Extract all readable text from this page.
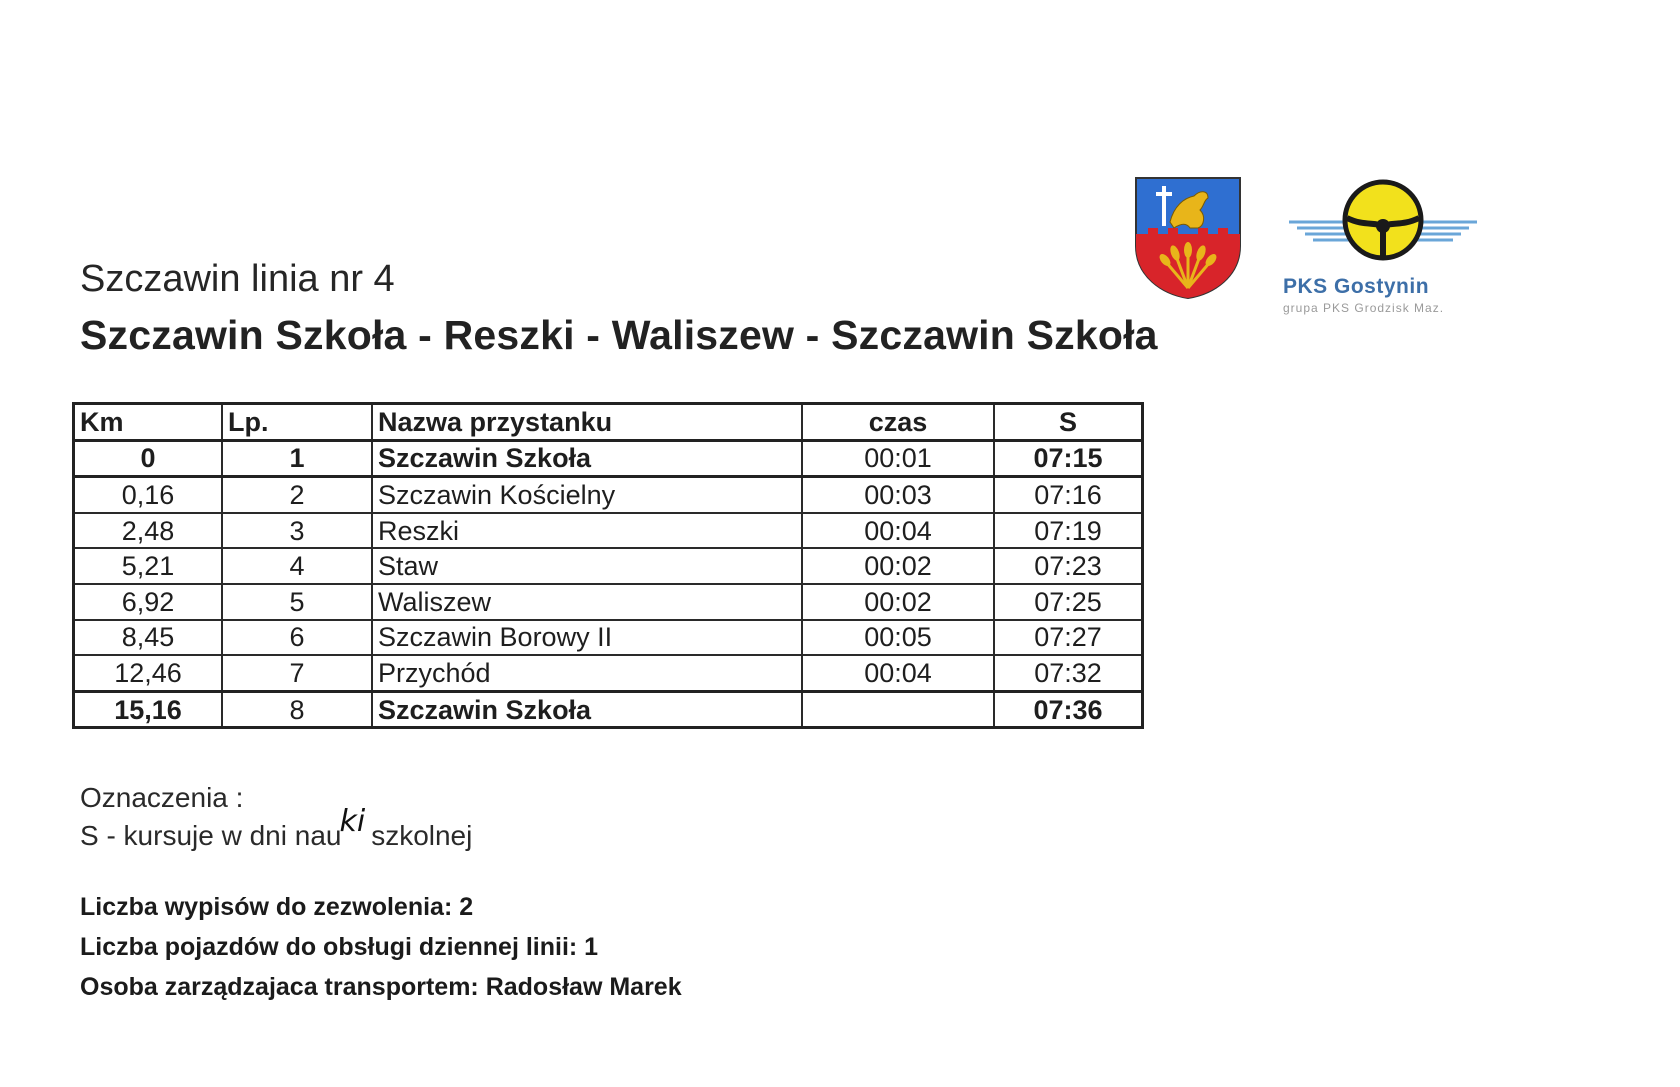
Szczawin linia nr 4
Szczawin Szkoła - Reszki - Waliszew - Szczawin Szkoła
PKS Gostynin
grupa PKS Grodzisk Maz.
Km	Lp.	Nazwa przystanku	czas	S
0	1	Szczawin Szkoła	00:01	07:15
0,16	2	Szczawin Kościelny	00:03	07:16
2,48	3	Reszki	00:04	07:19
5,21	4	Staw	00:02	07:23
6,92	5	Waliszew	00:02	07:25
8,45	6	Szczawin Borowy II	00:05	07:27
12,46	7	Przychód	00:04	07:32
15,16	8	Szczawin Szkoła		07:36
Oznaczenia :
S - kursuje w dni nauki szkolnej
Liczba wypisów do zezwolenia: 2
Liczba pojazdów do obsługi dziennej linii: 1
Osoba zarządzajaca transportem: Radosław Marek
